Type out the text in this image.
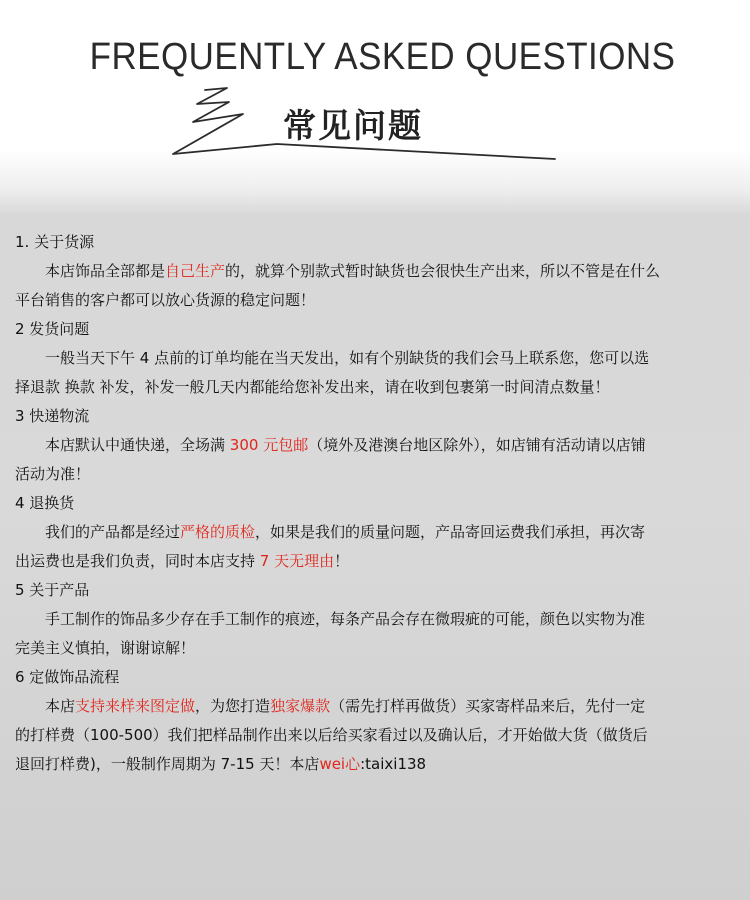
FREQUENTLY ASKED QUESTIONS
常见问题

1. 关于货源

　　本店饰品全部都是自己生产的，就算个别款式暂时缺货也会很快生产出来，所以不管是在什么

平台销售的客户都可以放心货源的稳定问题！

2 发货问题

　　一般当天下午 4 点前的订单均能在当天发出，如有个别缺货的我们会马上联系您，您可以选

择退款 换款 补发，补发一般几天内都能给您补发出来，请在收到包裹第一时间清点数量！

3 快递物流

　　本店默认中通快递，全场满 300 元包邮（境外及港澳台地区除外），如店铺有活动请以店铺

活动为准！

4 退换货

　　我们的产品都是经过严格的质检，如果是我们的质量问题，产品寄回运费我们承担，再次寄

出运费也是我们负责，同时本店支持 7 天无理由！

5 关于产品

　　手工制作的饰品多少存在手工制作的痕迹，每条产品会存在微瑕疵的可能，颜色以实物为准

完美主义慎拍，谢谢谅解！

6 定做饰品流程

　　本店支持来样来图定做，为您打造独家爆款（需先打样再做货）买家寄样品来后，先付一定

的打样费（100-500）我们把样品制作出来以后给买家看过以及确认后，才开始做大货（做货后

退回打样费)，一般制作周期为 7-15 天！本店wei心:taixi138
